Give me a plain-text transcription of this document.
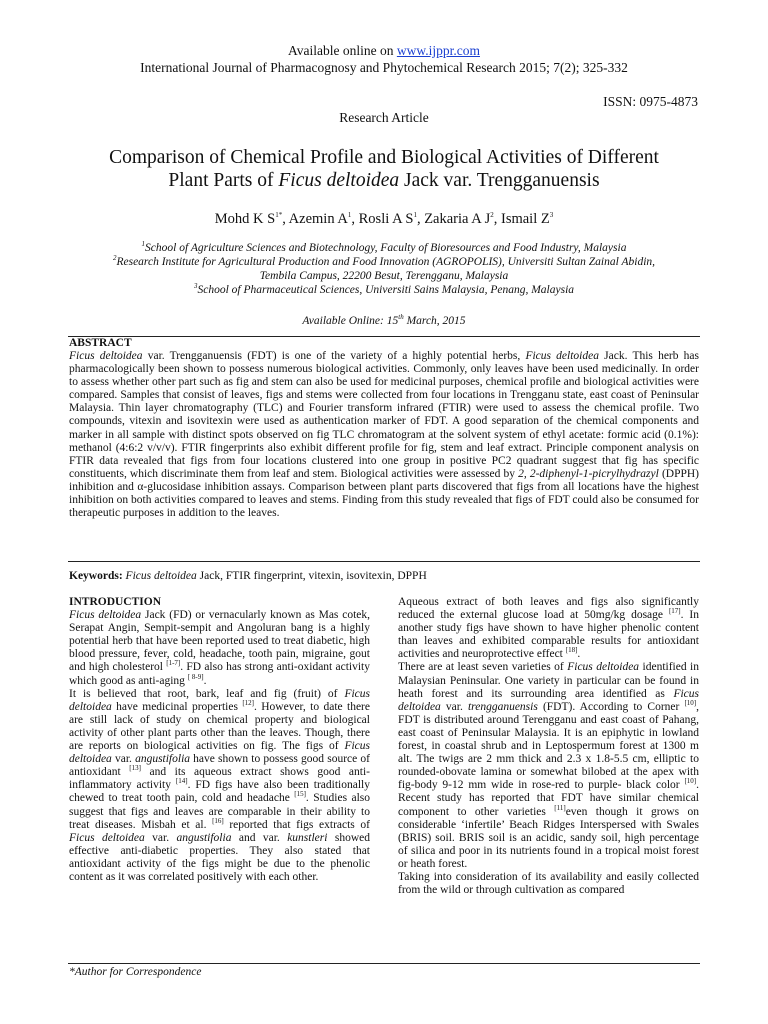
Available online on www.ijppr.com
International Journal of Pharmacognosy and Phytochemical Research 2015; 7(2); 325-332
ISSN: 0975-4873
Research Article
Comparison of Chemical Profile and Biological Activities of Different
Plant Parts of Ficus deltoidea Jack var. Trengganuensis
Mohd K $S^{1*}$, Azemin $A^1$, Rosli A $S^1$, Zakaria A $J^2$, Ismail $Z^3$
$^1$School of Agriculture Sciences and Biotechnology, Faculty of Bioresources and Food Industry, Malaysia
$^2$Research Institute for Agricultural Production and Food Innovation (AGROPOLIS), Universiti Sultan Zainal Abidin,
Tembila Campus, 22200 Besut, Terengganu, Malaysia
$^3$School of Pharmaceutical Sciences, Universiti Sains Malaysia, Penang, Malaysia
Available Online: 15th March, 2015
ABSTRACT
Ficus deltoidea var. Trengganuensis (FDT) is one of the variety of a highly potential herbs, Ficus deltoidea Jack. This herb has pharmacologically been shown to possess numerous biological activities. Commonly, only leaves have been used medicinally. In order to assess whether other part such as fig and stem can also be used for medicinal purposes, chemical profile and biological activities were compared. Samples that consist of leaves, figs and stems were collected from four locations in Trengganu state, east coast of Peninsular Malaysia. Thin layer chromatography (TLC) and Fourier transform infrared (FTIR) were used to assess the chemical profile. Two compounds, vitexin and isovitexin were used as authentication marker of FDT. A good separation of the chemical components and marker in all sample with distinct spots observed on fig TLC chromatogram at the solvent system of ethyl acetate: formic acid (0.1%): methanol (4:6:2 v/v/v). FTIR fingerprints also exhibit different profile for fig, stem and leaf extract. Principle component analysis on FTIR data revealed that figs from four locations clustered into one group in positive PC2 quadrant suggest that fig has specific constituents, which discriminate them from leaf and stem. Biological activities were assessed by 2, 2-diphenyl-1-picrylhydrazyl (DPPH) inhibition and α-glucosidase inhibition assays. Comparison between plant parts discovered that figs from all locations have the highest inhibition on both activities compared to leaves and stems. Finding from this study revealed that figs of FDT could also be consumed for therapeutic purposes in addition to the leaves.
Keywords: Ficus deltoidea Jack, FTIR fingerprint, vitexin, isovitexin, DPPH
INTRODUCTION

Ficus deltoidea Jack (FD) or vernacularly known as Mas cotek, Serapat Angin, Sempit-sempit and Angoluran bang is a highly potential herb that have been reported used to treat diabetic, high blood pressure, fever, cold, headache, tooth pain, migraine, gout and high cholesterol [1-7]. FD also has strong anti-oxidant activity which good as anti-aging [ 8-9].

It is believed that root, bark, leaf and fig (fruit) of Ficus deltoidea have medicinal properties [12]. However, to date there are still lack of study on chemical property and biological activity of other plant parts other than the leaves. Though, there are reports on biological activities on fig. The figs of Ficus deltoidea var. angustifolia have shown to possess good source of antioxidant [13] and its aqueous extract shows good anti-inflammatory activity [14]. FD figs have also been traditionally chewed to treat tooth pain, cold and headache [15]. Studies also suggest that figs and leaves are comparable in their ability to treat diseases. Misbah et al. [16] reported that figs extracts of Ficus deltoidea var. angustifolia and var. kunstleri showed effective anti-diabetic properties. They also stated that antioxidant activity of the figs might be due to the phenolic content as it was correlated positively with each other.

Aqueous extract of both leaves and figs also significantly reduced the external glucose load at 50mg/kg dosage [17]. In another study figs have shown to have higher phenolic content than leaves and exhibited comparable results for antioxidant activities and neuroprotective effect [18].

There are at least seven varieties of Ficus deltoidea identified in Malaysian Peninsular. One variety in particular can be found in heath forest and its surrounding area identified as Ficus deltoidea var. trengganuensis (FDT). According to Corner [10], FDT is distributed around Terengganu and east coast of Pahang, east coast of Peninsular Malaysia. It is an epiphytic in lowland forest, in coastal shrub and in Leptospermum forest at 1300 m alt. The twigs are 2 mm thick and 2.3 x 1.8-5.5 cm, elliptic to rounded-obovate lamina or somewhat bilobed at the apex with fig-body 9-12 mm wide in rose-red to purple- black color [10]. Recent study has reported that FDT have similar chemical component to other varieties [11]even though it grows on considerable ‘infertile’ Beach Ridges Interspersed with Swales (BRIS) soil. BRIS soil is an acidic, sandy soil, high percentage of silica and poor in its nutrients found in a tropical moist forest or heath forest.

Taking into consideration of its availability and easily collected from the wild or through cultivation as compared

*Author for Correspondence
